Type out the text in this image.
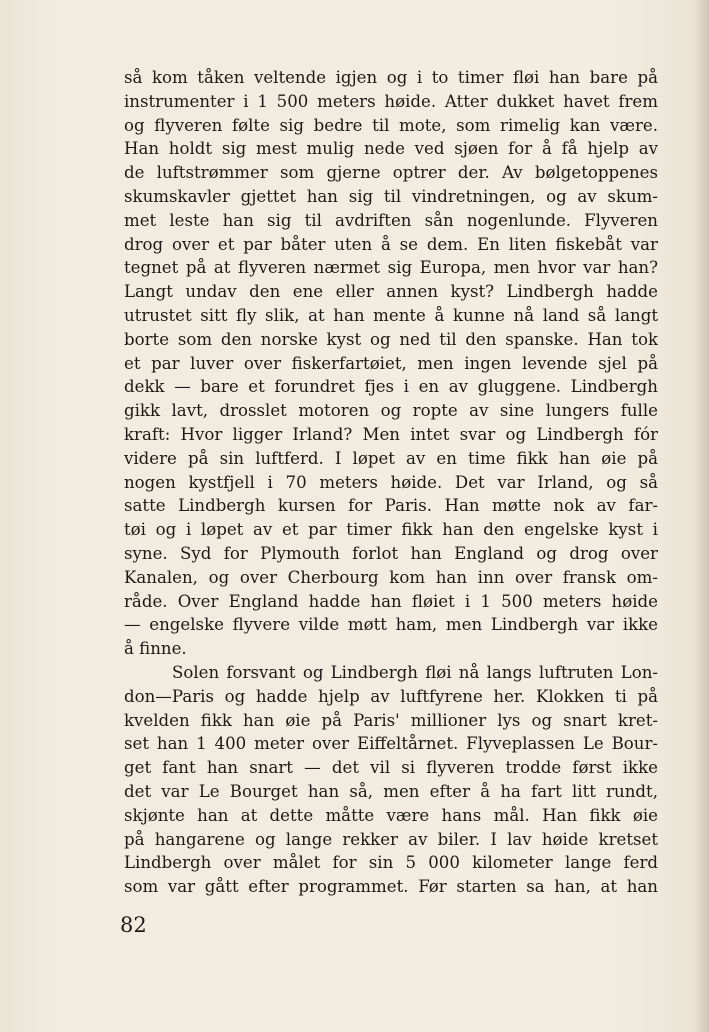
så kom tåken veltende igjen og i to timer fløi han bare på
instrumenter i 1 500 meters høide. Atter dukket havet frem
og flyveren følte sig bedre til mote, som rimelig kan være.
Han holdt sig mest mulig nede ved sjøen for å få hjelp av
de luftstrømmer som gjerne optrer der. Av bølgetoppenes
skumskavler gjettet han sig til vindretningen, og av skum-
met leste han sig til avdriften sån nogenlunde. Flyveren
drog over et par båter uten å se dem. En liten fiskebåt var
tegnet på at flyveren nærmet sig Europa, men hvor var han?
Langt undav den ene eller annen kyst? Lindbergh hadde
utrustet sitt fly slik, at han mente å kunne nå land så langt
borte som den norske kyst og ned til den spanske. Han tok
et par luver over fiskerfartøiet, men ingen levende sjel på
dekk — bare et forundret fjes i en av gluggene. Lindbergh
gikk lavt, drosslet motoren og ropte av sine lungers fulle
kraft: Hvor ligger Irland? Men intet svar og Lindbergh fór
videre på sin luftferd. I løpet av en time fikk han øie på
nogen kystfjell i 70 meters høide. Det var Irland, og så
satte Lindbergh kursen for Paris. Han møtte nok av far-
tøi og i løpet av et par timer fikk han den engelske kyst i
syne. Syd for Plymouth forlot han England og drog over
Kanalen, og over Cherbourg kom han inn over fransk om-
råde. Over England hadde han fløiet i 1 500 meters høide
— engelske flyvere vilde møtt ham, men Lindbergh var ikke
å finne.
Solen forsvant og Lindbergh fløi nå langs luftruten Lon-
don—Paris og hadde hjelp av luftfyrene her. Klokken ti på
kvelden fikk han øie på Paris' millioner lys og snart kret-
set han 1 400 meter over Eiffeltårnet. Flyveplassen Le Bour-
get fant han snart — det vil si flyveren trodde først ikke
det var Le Bourget han så, men efter å ha fart litt rundt,
skjønte han at dette måtte være hans mål. Han fikk øie
på hangarene og lange rekker av biler. I lav høide kretset
Lindbergh over målet for sin 5 000 kilometer lange ferd
som var gått efter programmet. Før starten sa han, at han
82
